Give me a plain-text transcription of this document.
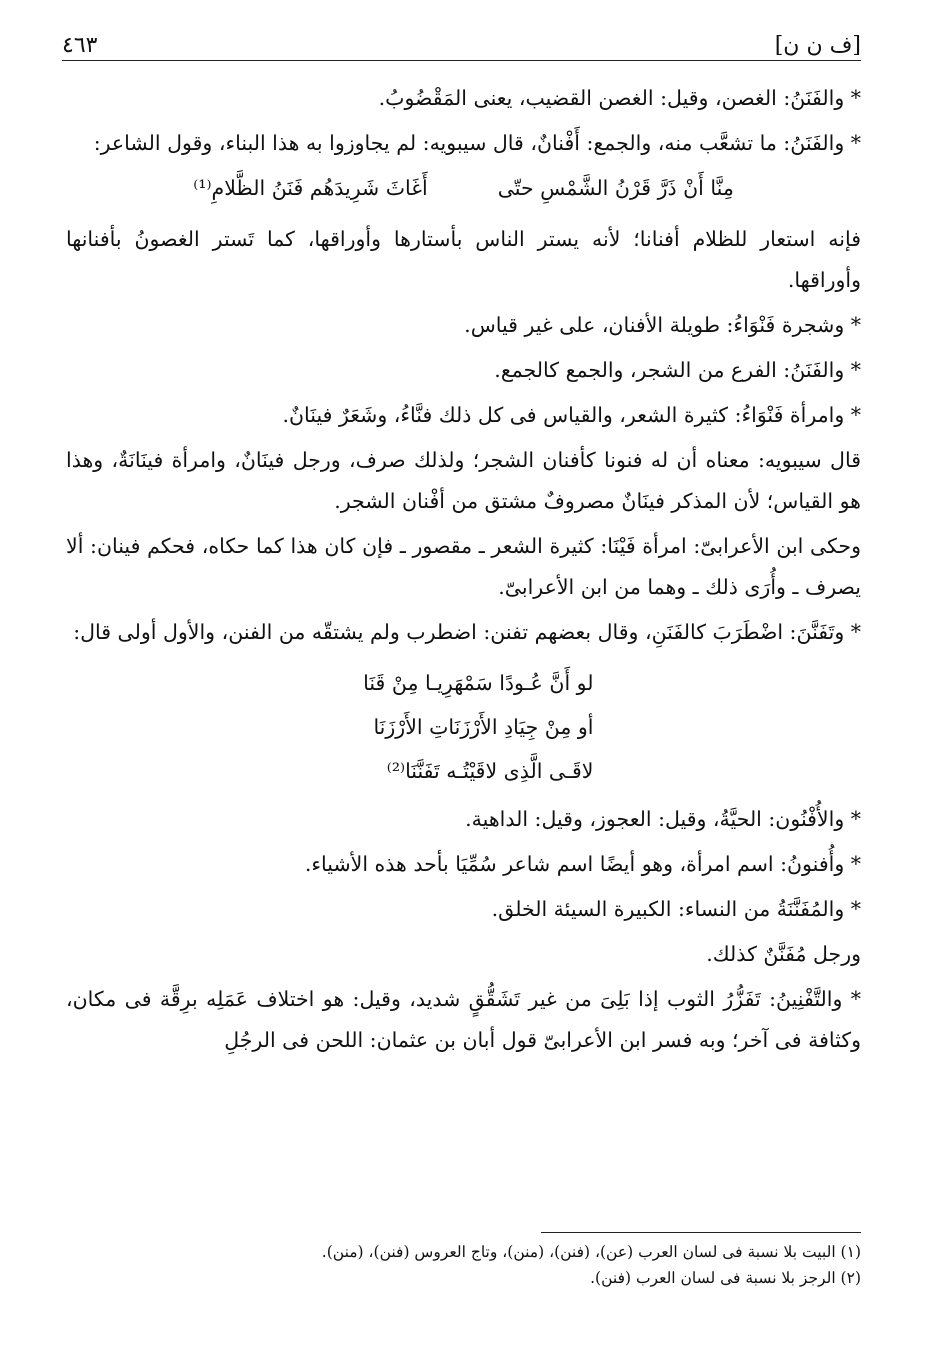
٤٦٣	[ف ن ن]

* والفَنَنُ: الغصن، وقيل: الغصن القضيب، يعنى المَقْضُوبُ.

* والفَنَنُ: ما تشعَّب منه، والجمع: أَفْنانٌ، قال سيبويه: لم يجاوزوا به هذا البناء، وقول الشاعر:

مِنَّا أَنْ ذَرَّ قَرْنُ الشَّمْسِ حتّى
أَغَاثَ شَرِيدَهُم فَنَنُ الظَّلامِ⁽¹⁾

فإنه استعار للظلام أفنانا؛ لأنه يستر الناس بأستارها وأوراقها، كما تَستر الغصونُ بأفنانها وأوراقها.

* وشجرة فَنْوَاءُ: طويلة الأفنان، على غير قياس.

* والفَنَنُ: الفرع من الشجر، والجمع كالجمع.

* وامرأة فَنْوَاءُ: كثيرة الشعر، والقياس فى كل ذلك فنَّاءُ، وشَعَرٌ فينَانٌ.

قال سيبويه: معناه أن له فنونا كأفنان الشجر؛ ولذلك صرف، ورجل فينَانٌ، وامرأة فينَانَةٌ، وهذا هو القياس؛ لأن المذكر فينَانٌ مصروفٌ مشتق من أفْنان الشجر.

وحكى ابن الأعرابىّ: امرأة فَيْنَا: كثيرة الشعر ـ مقصور ـ فإن كان هذا كما حكاه، فحكم فينان: ألا يصرف ـ وأُرَى ذلك ـ وهما من ابن الأعرابىّ.

* وتَفَنَّنَ: اضْطَرَبَ كالفَنَنِ، وقال بعضهم تفنن: اضطرب ولم يشتقّه من الفنن، والأول أولى قال:

لو أَنَّ عُـودًا سَمْهَرِيـا مِنْ قَنَا
أو مِنْ جِيَادِ الأَرْزَنَاتِ الأَرْزَنَا
لاقَـى الَّذِى لاقَيْتُـه تَفَنَّنَا⁽²⁾

* والأُفْنُون: الحيَّةُ، وقيل: العجوز، وقيل: الداهية.

* وأُفنونُ: اسم امرأة، وهو أيضًا اسم شاعر سُمِّيَا بأحد هذه الأشياء.

* والمُفَنَّنَةُ من النساء: الكبيرة السيئة الخلق.

ورجل مُفَنَّنٌ كذلك.

* والتَّفْنِينُ: تَفَزُّرُ الثوب إذا بَلِىَ من غير تَشَقُّقٍ شديد، وقيل: هو اختلاف عَمَلِه برِقَّة فى مكان، وكثافة فى آخر؛ وبه فسر ابن الأعرابىّ قول أبان بن عثمان: اللحن فى الرجُلِ

(١) البيت بلا نسبة فى لسان العرب (عن)، (فنن)، (منن)، وتاج العروس (فنن)، (منن).
(٢) الرجز بلا نسبة فى لسان العرب (فنن).
